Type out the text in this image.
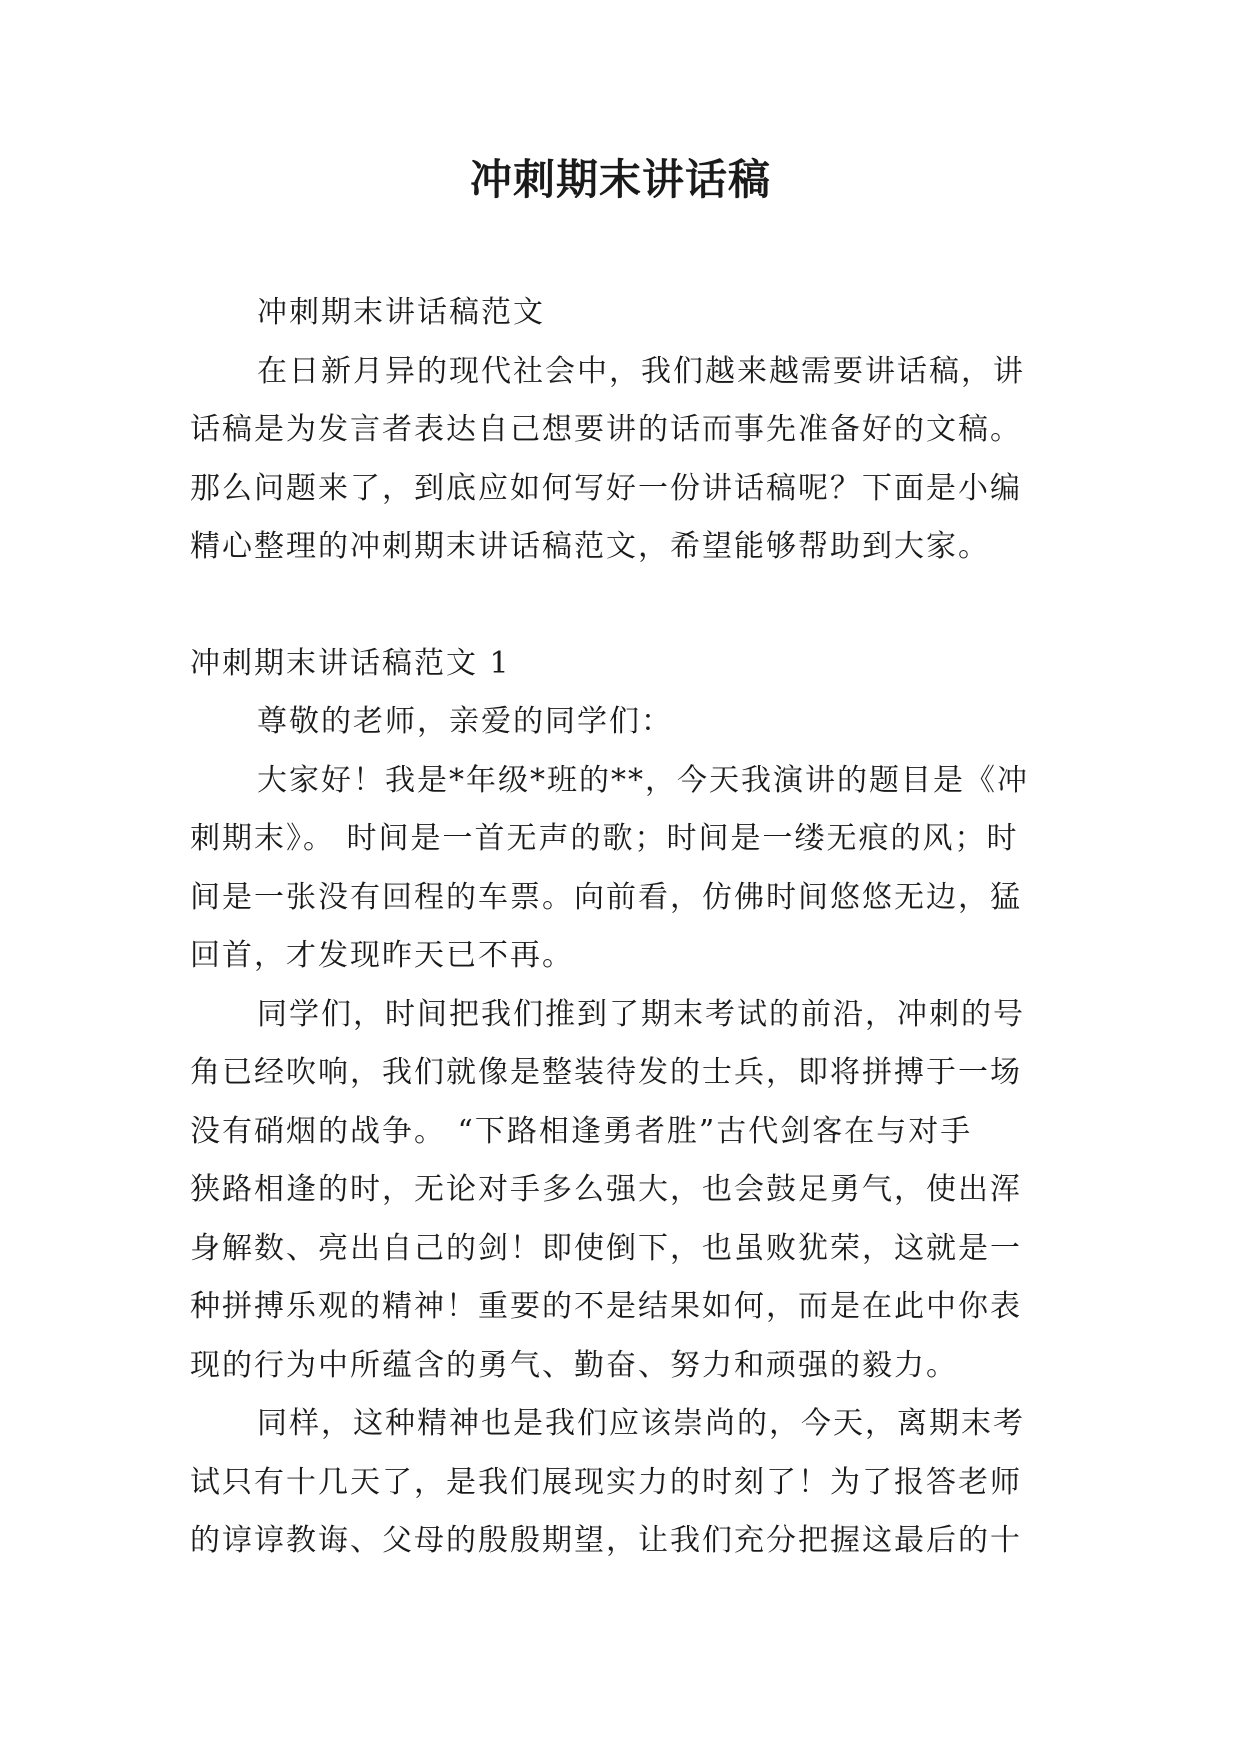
冲刺期末讲话稿

冲刺期末讲话稿范文

在日新月异的现代社会中，我们越来越需要讲话稿，讲
话稿是为发言者表达自己想要讲的话而事先准备好的文稿。
那么问题来了，到底应如何写好一份讲话稿呢？下面是小编
精心整理的冲刺期末讲话稿范文，希望能够帮助到大家。

冲刺期末讲话稿范文 1

尊敬的老师，亲爱的同学们：

大家好！我是*年级*班的**，今天我演讲的题目是《冲
刺期末》。 时间是一首无声的歌；时间是一缕无痕的风；时
间是一张没有回程的车票。向前看，仿佛时间悠悠无边，猛
回首，才发现昨天已不再。

同学们，时间把我们推到了期末考试的前沿，冲刺的号
角已经吹响，我们就像是整装待发的士兵，即将拼搏于一场
没有硝烟的战争。 “下路相逢勇者胜”古代剑客在与对手
狭路相逢的时，无论对手多么强大，也会鼓足勇气，使出浑
身解数、亮出自己的剑！即使倒下，也虽败犹荣，这就是一
种拼搏乐观的精神！重要的不是结果如何，而是在此中你表
现的行为中所蕴含的勇气、勤奋、努力和顽强的毅力。

同样，这种精神也是我们应该崇尚的，今天，离期末考
试只有十几天了，是我们展现实力的时刻了！为了报答老师
的谆谆教诲、父母的殷殷期望，让我们充分把握这最后的十
